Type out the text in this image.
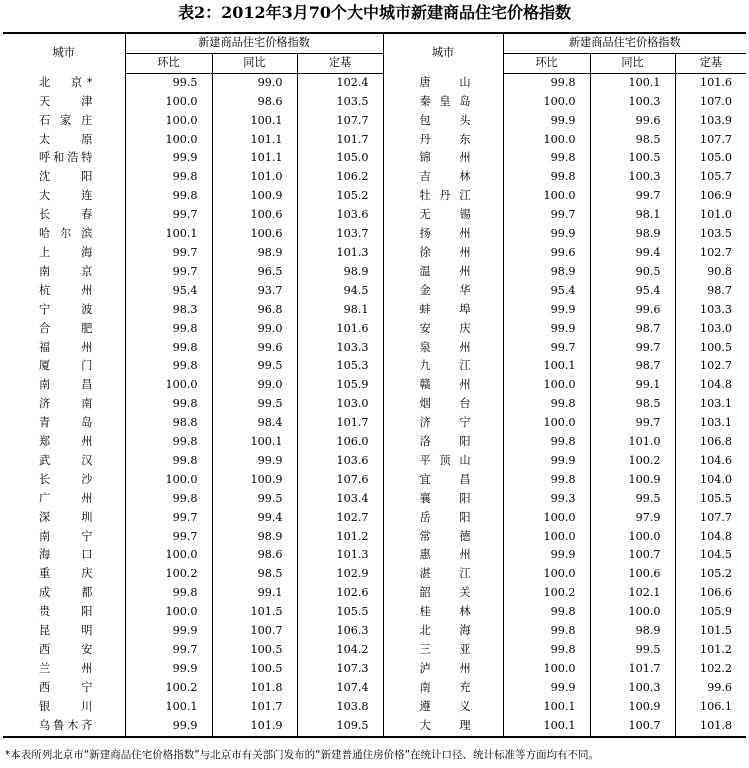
表2：2012年3月70个大中城市新建商品住宅价格指数
城市	新建商品住宅价格指数			城市	新建商品住宅价格指数		
	环比	同比	定基		环比	同比	定基
北　京*	99.5	99.0	102.4	唐　山	99.8	100.1	101.6
天　津	100.0	98.6	103.5	秦皇岛	100.0	100.3	107.0
石家庄	100.0	100.1	107.7	包　头	99.9	99.6	103.9
太　原	100.0	101.1	101.7	丹　东	100.0	98.5	107.7
呼和浩特	99.9	101.1	105.0	锦　州	99.8	100.5	105.0
沈　阳	99.8	101.0	106.2	吉　林	99.8	100.3	105.7
大　连	99.8	100.9	105.2	牡丹江	100.0	99.7	106.9
长　春	99.7	100.6	103.6	无　锡	99.7	98.1	101.0
哈尔滨	100.1	100.6	103.7	扬　州	99.9	98.9	103.5
上　海	99.7	98.9	101.3	徐　州	99.6	99.4	102.7
南　京	99.7	96.5	98.9	温　州	98.9	90.5	90.8
杭　州	95.4	93.7	94.5	金　华	95.4	95.4	98.7
宁　波	98.3	96.8	98.1	蚌　埠	99.9	99.6	103.3
合　肥	99.8	99.0	101.6	安　庆	99.9	98.7	103.0
福　州	99.8	99.6	103.3	泉　州	99.7	99.7	100.5
厦　门	99.8	99.5	105.3	九　江	100.1	98.7	102.7
南　昌	100.0	99.0	105.9	赣　州	100.0	99.1	104.8
济　南	99.8	99.5	103.0	烟　台	99.8	98.5	103.1
青　岛	98.8	98.4	101.7	济　宁	100.0	99.7	103.1
郑　州	99.8	100.1	106.0	洛　阳	99.8	101.0	106.8
武　汉	99.8	99.9	103.6	平顶山	99.9	100.2	104.6
长　沙	100.0	100.9	107.6	宜　昌	99.8	100.9	104.0
广　州	99.8	99.5	103.4	襄　阳	99.3	99.5	105.5
深　圳	99.7	99.4	102.7	岳　阳	100.0	97.9	107.7
南　宁	99.7	98.9	101.2	常　德	100.0	100.0	104.8
海　口	100.0	98.6	101.3	惠　州	99.9	100.7	104.5
重　庆	100.2	98.5	102.9	湛　江	100.0	100.6	105.2
成　都	99.8	99.1	102.6	韶　关	100.2	102.1	106.6
贵　阳	100.0	101.5	105.5	桂　林	99.8	100.0	105.9
昆　明	99.9	100.7	106.3	北　海	99.8	98.9	101.5
西　安	99.7	100.5	104.2	三　亚	99.8	99.5	101.2
兰　州	99.9	100.5	107.3	泸　州	100.0	101.7	102.2
西　宁	100.2	101.8	107.4	南　充	99.9	100.3	99.6
银　川	100.1	101.7	103.8	遵　义	100.1	100.9	106.1
乌鲁木齐	99.9	101.9	109.5	大　理	100.1	100.7	101.8
*本表所列北京市“新建商品住宅价格指数”与北京市有关部门发布的“新建普通住房价格”在统计口径、统计标准等方面均有不同。
